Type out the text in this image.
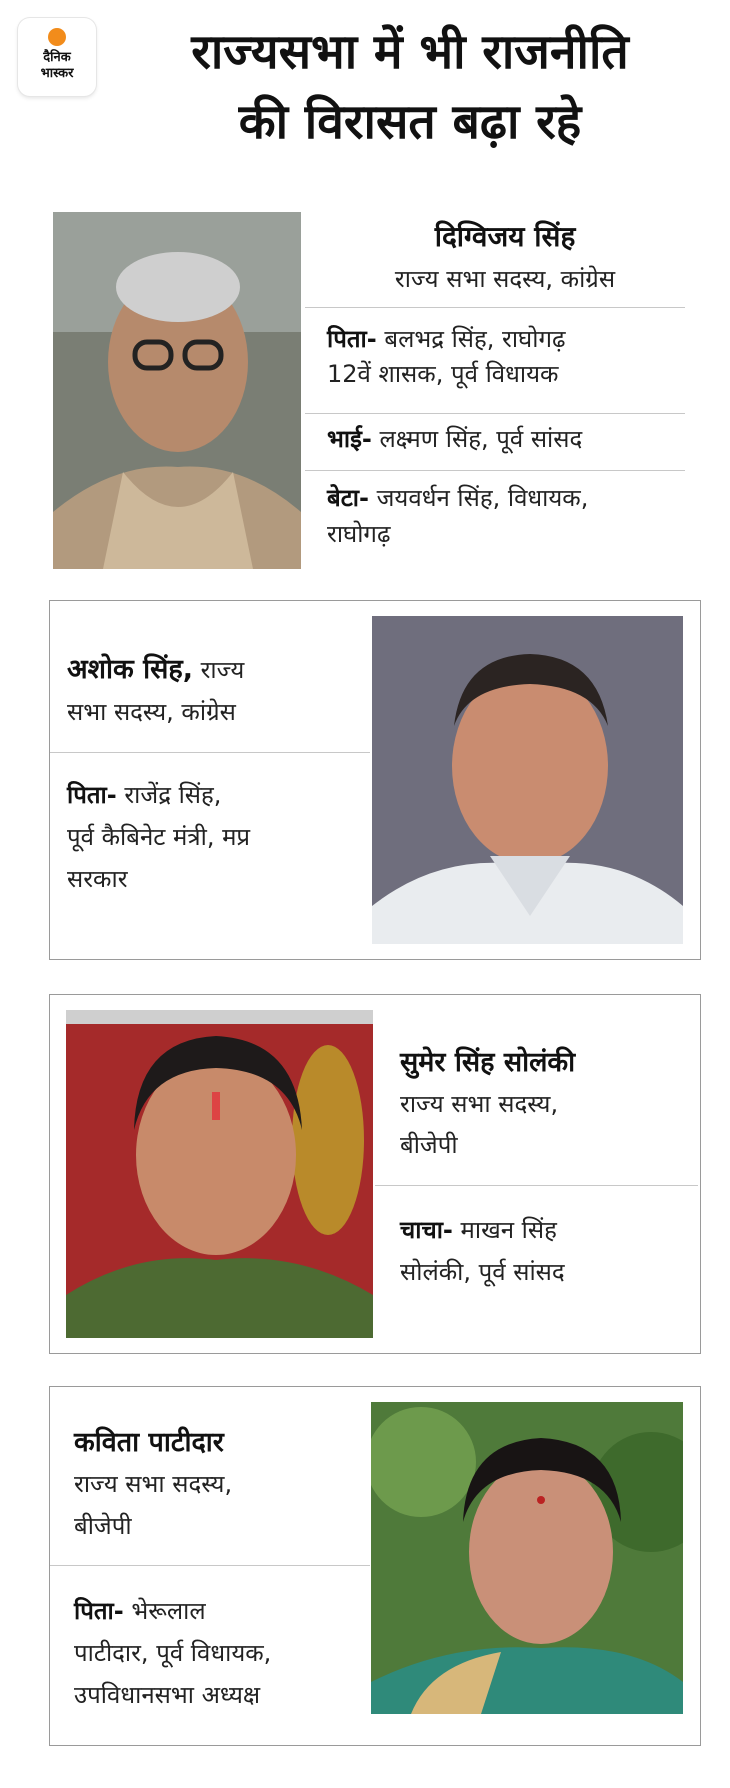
दैनिक
भास्कर	राज्यसभा में भी राजनीति
की विरासत बढ़ा रहे
दिग्विजय सिंह
राज्य सभा सदस्य, कांग्रेस
पिता- बलभद्र सिंह, राघोगढ़
12वें शासक, पूर्व विधायक
भाई- लक्ष्मण सिंह, पूर्व सांसद
बेटा- जयवर्धन सिंह, विधायक,
राघोगढ़
अशोक सिंह, राज्य
सभा सदस्य, कांग्रेस
पिता- राजेंद्र सिंह,
पूर्व कैबिनेट मंत्री, मप्र
सरकार
सुमेर सिंह सोलंकी
राज्य सभा सदस्य,
बीजेपी
चाचा- माखन सिंह
सोलंकी, पूर्व सांसद
कविता पाटीदार
राज्य सभा सदस्य,
बीजेपी
पिता- भेरूलाल
पाटीदार, पूर्व विधायक,
उपविधानसभा अध्यक्ष
